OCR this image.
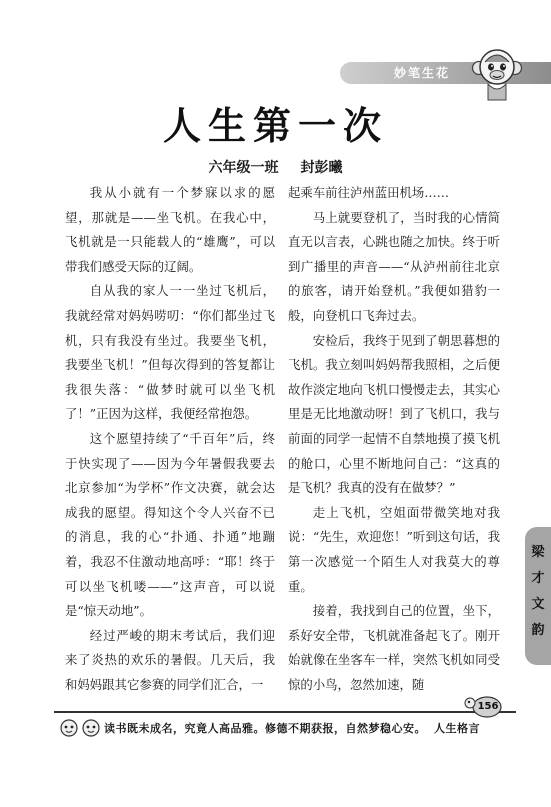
妙笔生花
人生第一次
六年级一班 封彭曦

我从小就有一个梦寐以求的愿望，那就是——坐飞机。在我心中，飞机就是一只能载人的“雄鹰”，可以带我们感受天际的辽阔。

自从我的家人一一坐过飞机后，我就经常对妈妈唠叨：“你们都坐过飞机，只有我没有坐过。我要坐飞机，我要坐飞机！”但每次得到的答复都让我很失落：“做梦时就可以坐飞机了！”正因为这样，我便经常抱怨。

这个愿望持续了“千百年”后，终于快实现了——因为今年暑假我要去北京参加“为学杯”作文决赛，就会达成我的愿望。得知这个令人兴奋不已的消息，我的心“扑通、扑通”地蹦着，我忍不住激动地高呼：“耶！终于可以坐飞机喽——”这声音，可以说是“惊天动地”。

经过严峻的期末考试后，我们迎来了炎热的欢乐的暑假。几天后，我和妈妈跟其它参赛的同学们汇合，一

起乘车前往泸州蓝田机场……

马上就要登机了，当时我的心情简直无以言表，心跳也随之加快。终于听到广播里的声音——“从泸州前往北京的旅客，请开始登机。”我便如猎豹一般，向登机口飞奔过去。

安检后，我终于见到了朝思暮想的飞机。我立刻叫妈妈帮我照相，之后便故作淡定地向飞机口慢慢走去，其实心里是无比地激动呀！到了飞机口，我与前面的同学一起情不自禁地摸了摸飞机的舱口，心里不断地问自己：“这真的是飞机？我真的没有在做梦？”

走上飞机，空姐面带微笑地对我说：“先生，欢迎您！”听到这句话，我第一次感觉一个陌生人对我莫大的尊重。

接着，我找到自己的位置，坐下，系好安全带，飞机就准备起飞了。刚开始就像在坐客车一样，突然飞机如同受惊的小鸟，忽然加速，随

梁
才
文
韵
156
读书既未成名，究竟人高品雅。修德不期获报，自然梦稳心安。 人生格言
